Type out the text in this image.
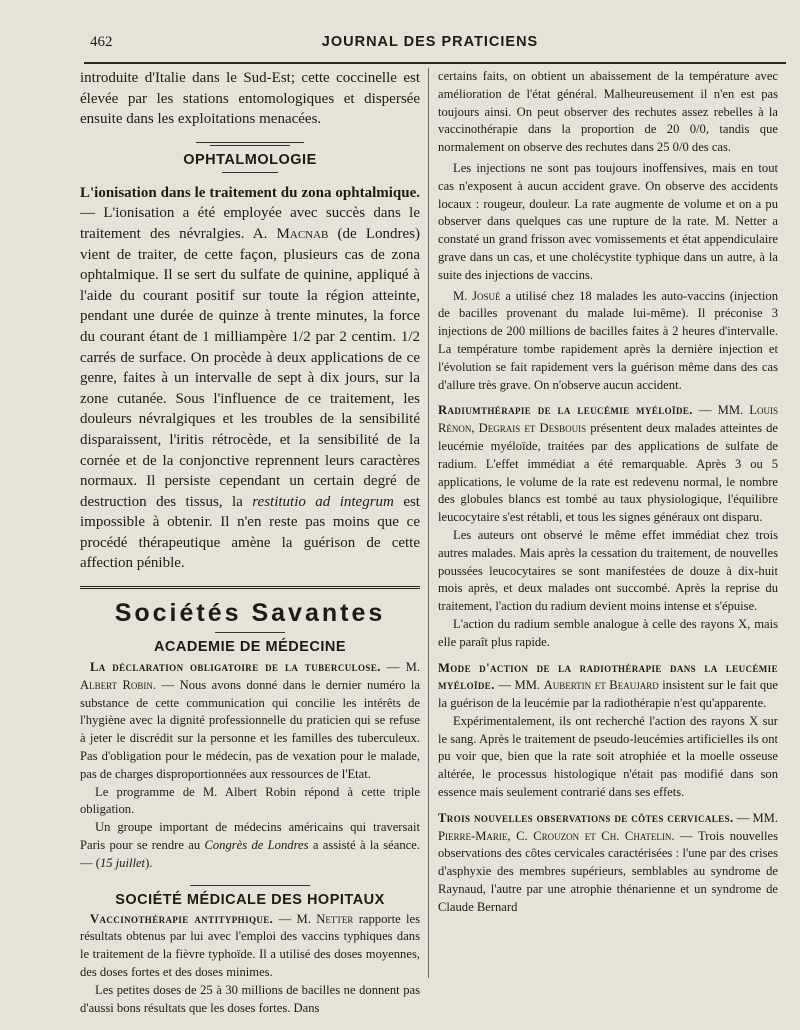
462	JOURNAL DES PRATICIENS

introduite d'Italie dans le Sud-Est; cette coccinelle est élevée par les stations entomologiques et dispersée ensuite dans les exploitations menacées.

OPHTALMOLOGIE

L'ionisation dans le traitement du zona ophtalmique. — L'ionisation a été employée avec succès dans le traitement des névralgies. A. Macnab (de Londres) vient de traiter, de cette façon, plusieurs cas de zona ophtalmique. Il se sert du sulfate de quinine, appliqué à l'aide du courant positif sur toute la région atteinte, pendant une durée de quinze à trente minutes, la force du courant étant de 1 milliampère 1/2 par 2 centim. 1/2 carrés de surface. On procède à deux applications de ce genre, faites à un intervalle de sept à dix jours, sur la zone cutanée. Sous l'influence de ce traitement, les douleurs névralgiques et les troubles de la sensibilité disparaissent, l'iritis rétrocède, et la sensibilité de la cornée et de la conjonctive reprennent leurs caractères normaux. Il persiste cependant un certain degré de destruction des tissus, la restitutio ad integrum est impossible à obtenir. Il n'en reste pas moins que ce procédé thérapeutique amène la guérison de cette affection pénible.

Sociétés Savantes
ACADEMIE DE MÉDECINE

La déclaration obligatoire de la tuberculose. — M. Albert Robin. — Nous avons donné dans le dernier numéro la substance de cette communication qui concilie les intérêts de l'hygiène avec la dignité professionnelle du praticien qui se refuse à jeter le discrédit sur la personne et les familles des tuberculeux. Pas d'obligation pour le médecin, pas de vexation pour le malade, pas de charges disproportionnées aux ressources de l'Etat.

Le programme de M. Albert Robin répond à cette triple obligation.

Un groupe important de médecins américains qui traversait Paris pour se rendre au Congrès de Londres a assisté à la séance. — (15 juillet).

SOCIÉTÉ MÉDICALE DES HOPITAUX

Vaccinothérapie antityphique. — M. Netter rapporte les résultats obtenus par lui avec l'emploi des vaccins typhiques dans le traitement de la fièvre typhoïde. Il a utilisé des doses moyennes, des doses fortes et des doses minimes.

Les petites doses de 25 à 30 millions de bacilles ne donnent pas d'aussi bons résultats que les doses fortes. Dans

certains faits, on obtient un abaissement de la température avec amélioration de l'état général. Malheureusement il n'en est pas toujours ainsi. On peut observer des rechutes assez rebelles à la vaccinothérapie dans la proportion de 20 0/0, tandis que normalement on observe des rechutes dans 25 0/0 des cas.

Les injections ne sont pas toujours inoffensives, mais en tout cas n'exposent à aucun accident grave. On observe des accidents locaux : rougeur, douleur. La rate augmente de volume et on a pu observer dans quelques cas une rupture de la rate. M. Netter a constaté un grand frisson avec vomissements et état appendiculaire grave dans un cas, et une cholécystite typhique dans un autre, à la suite des injections de vaccins.

M. Josué a utilisé chez 18 malades les auto-vaccins (injection de bacilles provenant du malade lui-même). Il préconise 3 injections de 200 millions de bacilles faites à 2 heures d'intervalle. La température tombe rapidement après la dernière injection et l'évolution se fait rapidement vers la guérison même dans des cas d'allure très grave. On n'observe aucun accident.

Radiumthérapie de la leucémie myéloïde. — MM. Louis Rénon, Degrais et Desbouis présentent deux malades atteintes de leucémie myéloïde, traitées par des applications de sulfate de radium. L'effet immédiat a été remarquable. Après 3 ou 5 applications, le volume de la rate est redevenu normal, le nombre des globules blancs est tombé au taux physiologique, l'équilibre leucocytaire s'est rétabli, et tous les signes généraux ont disparu.

Les auteurs ont observé le même effet immédiat chez trois autres malades. Mais après la cessation du traitement, de nouvelles poussées leucocytaires se sont manifestées de douze à dix-huit mois après, et deux malades ont succombé. Après la reprise du traitement, l'action du radium devient moins intense et s'épuise.

L'action du radium semble analogue à celle des rayons X, mais elle paraît plus rapide.

Mode d'action de la radiothérapie dans la leucémie myéloïde. — MM. Aubertin et Beaujard insistent sur le fait que la guérison de la leucémie par la radiothérapie n'est qu'apparente.

Expérimentalement, ils ont recherché l'action des rayons X sur le sang. Après le traitement de pseudo-leucémies artificielles ils ont pu voir que, bien que la rate soit atrophiée et la moelle osseuse altérée, le processus histologique n'était pas modifié dans son essence mais seulement contrarié dans ses effets.

Trois nouvelles observations de côtes cervicales. — MM. Pierre-Marie, C. Crouzon et Ch. Chatelin. — Trois nouvelles observations des côtes cervicales caractérisées : l'une par des crises d'asphyxie des membres supérieurs, semblables au syndrome de Raynaud, l'autre par une atrophie thénarienne et un syndrome de Claude Bernard
